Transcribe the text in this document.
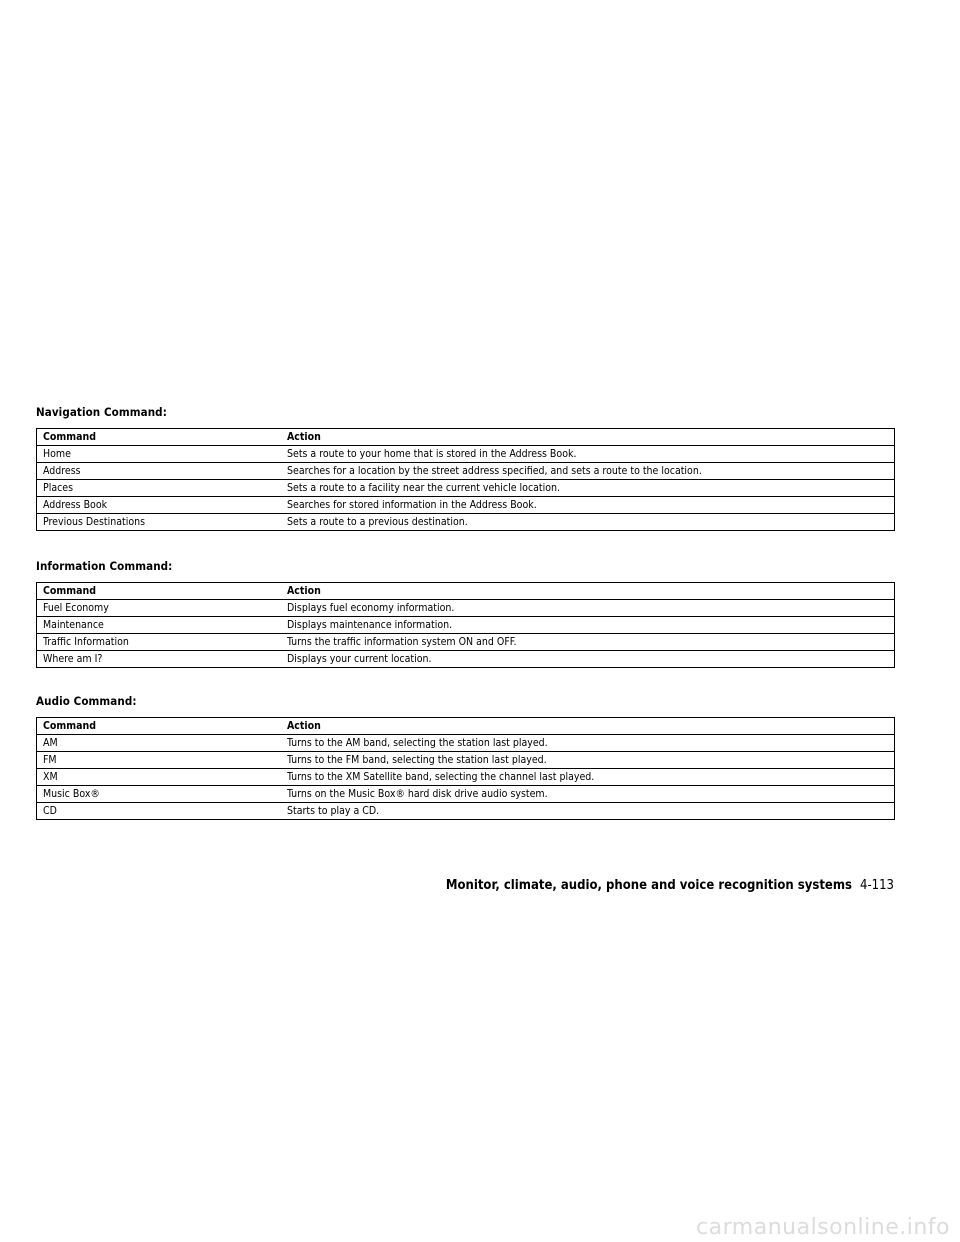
Navigation Command:
Command	Action
Home	Sets a route to your home that is stored in the Address Book.
Address	Searches for a location by the street address specified, and sets a route to the location.
Places	Sets a route to a facility near the current vehicle location.
Address Book	Searches for stored information in the Address Book.
Previous Destinations	Sets a route to a previous destination.
Information Command:
Command	Action
Fuel Economy	Displays fuel economy information.
Maintenance	Displays maintenance information.
Traffic Information	Turns the traffic information system ON and OFF.
Where am I?	Displays your current location.
Audio Command:
Command	Action
AM	Turns to the AM band, selecting the station last played.
FM	Turns to the FM band, selecting the station last played.
XM	Turns to the XM Satellite band, selecting the channel last played.
Music Box®	Turns on the Music Box® hard disk drive audio system.
CD	Starts to play a CD.
Monitor, climate, audio, phone and voice recognition systems 4-113
carmanualsonline.info
